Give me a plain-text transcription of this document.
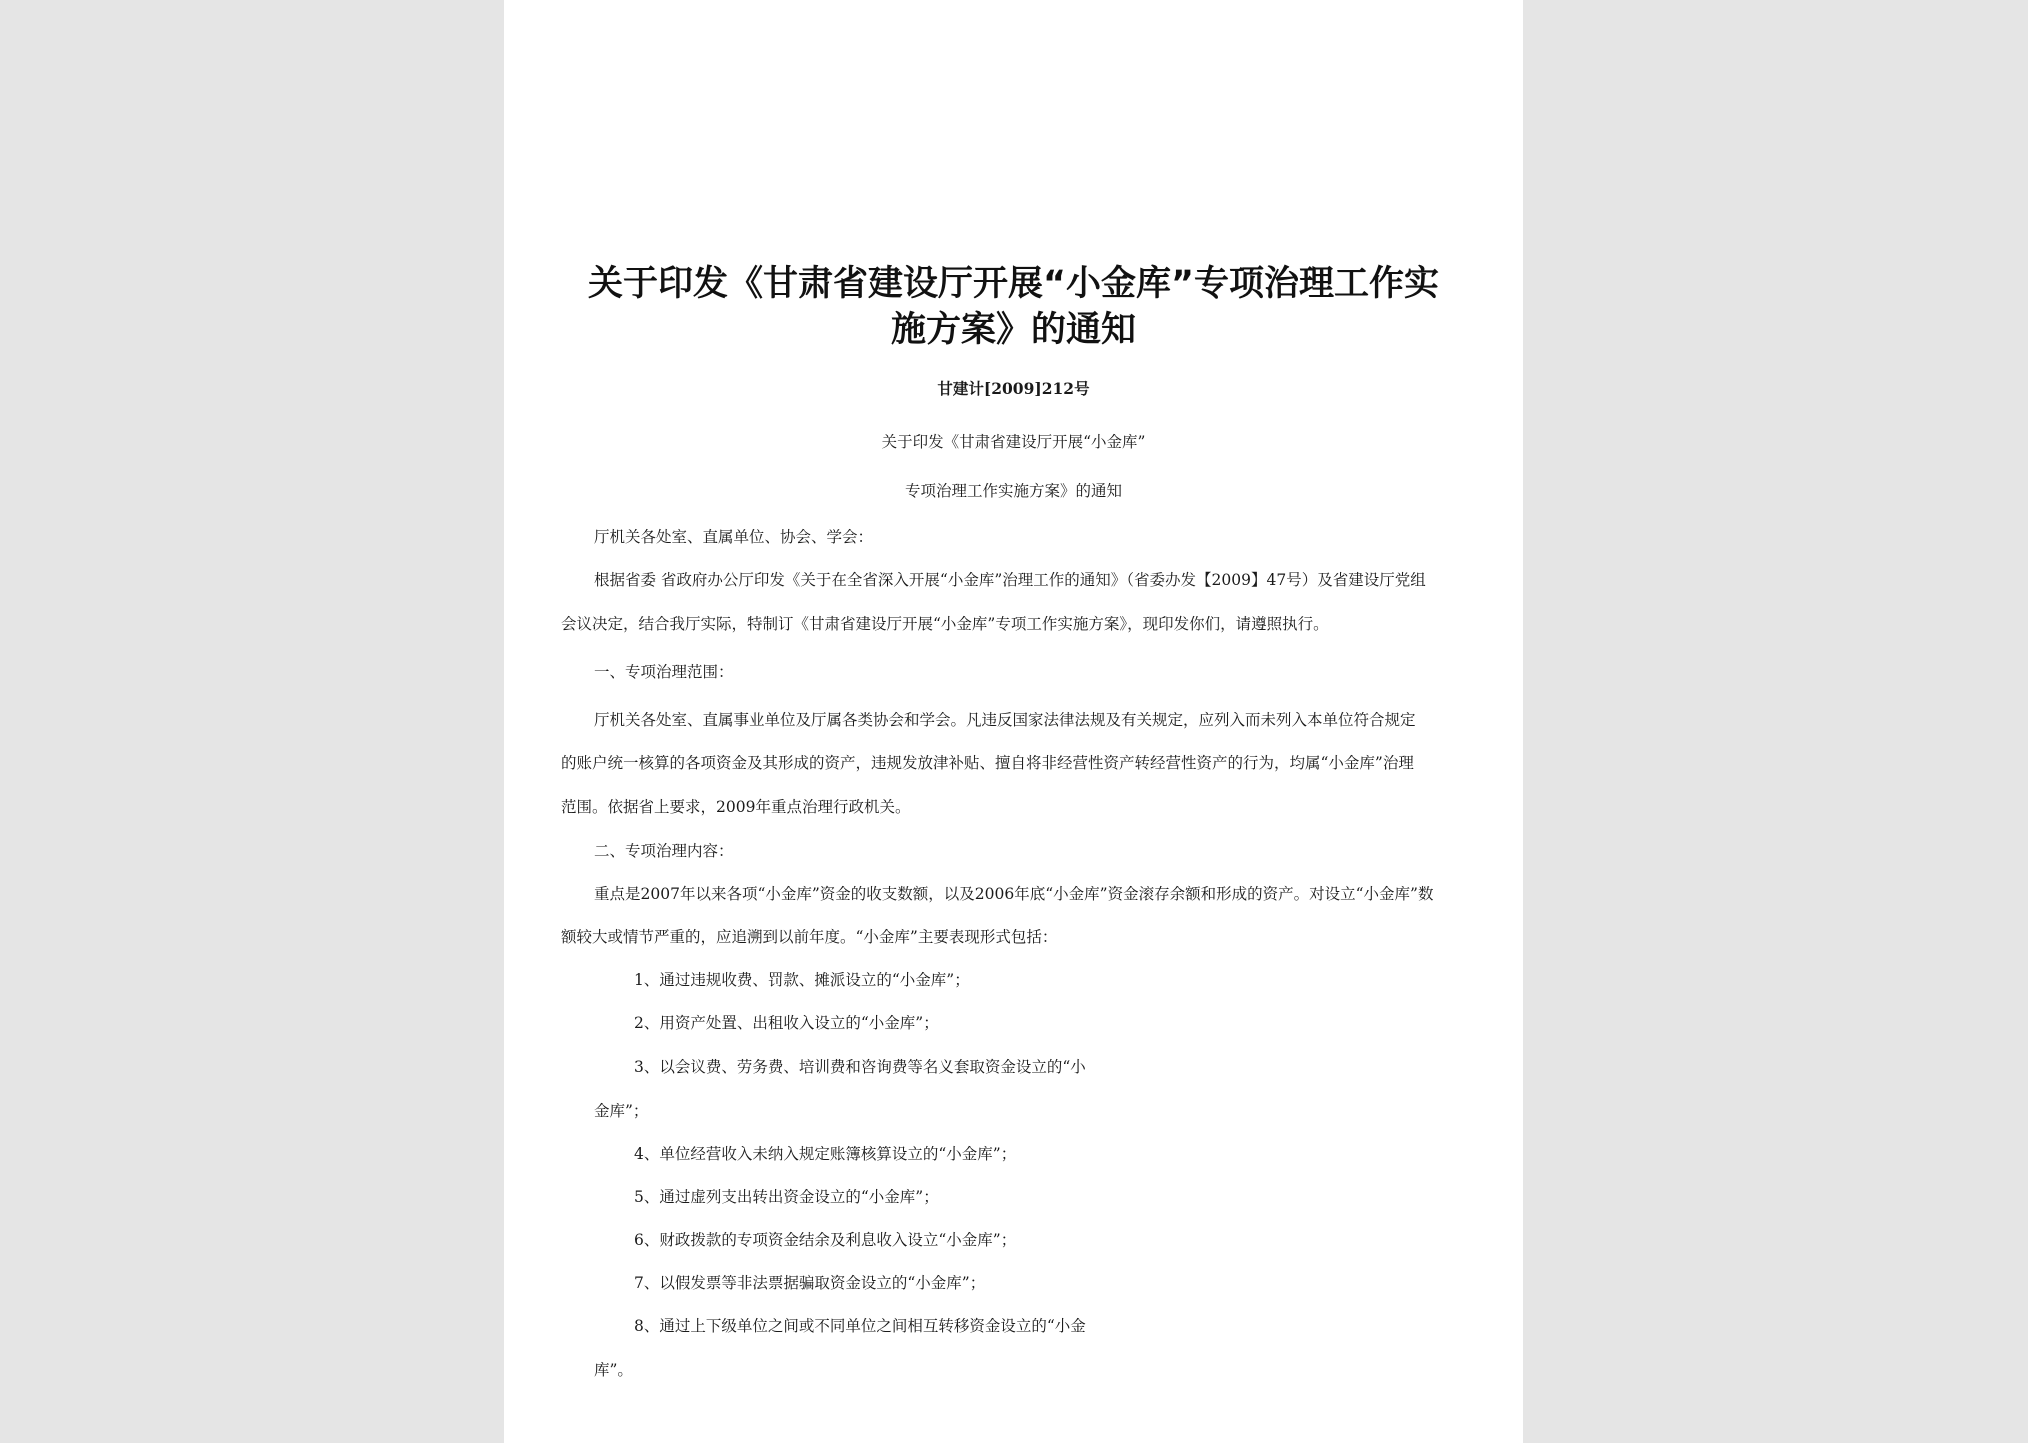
关于印发《甘肃省建设厅开展“小金库”专项治理工作实
施方案》的通知
甘建计[2009]212号
关于印发《甘肃省建设厅开展“小金库”
专项治理工作实施方案》的通知
厅机关各处室、直属单位、协会、学会：
根据省委 省政府办公厅印发《关于在全省深入开展“小金库”治理工作的通知》（省委办发【2009】47号）及省建设厅党组
会议决定，结合我厅实际，特制订《甘肃省建设厅开展“小金库”专项工作实施方案》，现印发你们，请遵照执行。
一、专项治理范围：
厅机关各处室、直属事业单位及厅属各类协会和学会。凡违反国家法律法规及有关规定，应列入而未列入本单位符合规定
的账户统一核算的各项资金及其形成的资产，违规发放津补贴、擅自将非经营性资产转经营性资产的行为，均属“小金库”治理
范围。依据省上要求，2009年重点治理行政机关。
二、专项治理内容：
重点是2007年以来各项“小金库”资金的收支数额，以及2006年底“小金库”资金滚存余额和形成的资产。对设立“小金库”数
额较大或情节严重的，应追溯到以前年度。“小金库”主要表现形式包括：
1、通过违规收费、罚款、摊派设立的“小金库”；
2、用资产处置、出租收入设立的“小金库”；
3、以会议费、劳务费、培训费和咨询费等名义套取资金设立的“小
金库”；
4、单位经营收入未纳入规定账簿核算设立的“小金库”；
5、通过虚列支出转出资金设立的“小金库”；
6、财政拨款的专项资金结余及利息收入设立“小金库”；
7、以假发票等非法票据骗取资金设立的“小金库”；
8、通过上下级单位之间或不同单位之间相互转移资金设立的“小金
库”。
